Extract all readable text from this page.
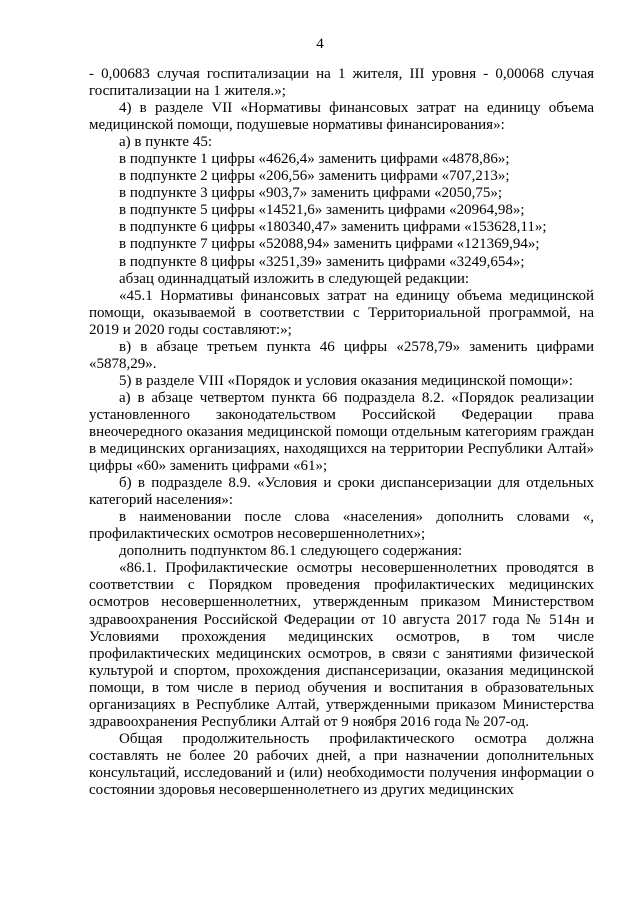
4

- 0,00683 случая госпитализации на 1 жителя, III уровня - 0,00068 случая госпитализации на 1 жителя.»;

4) в разделе VII «Нормативы финансовых затрат на единицу объема медицинской помощи, подушевые нормативы финансирования»:

а) в пункте 45:

в подпункте 1 цифры «4626,4» заменить цифрами «4878,86»;

в подпункте 2 цифры «206,56» заменить цифрами «707,213»;

в подпункте 3 цифры «903,7» заменить цифрами «2050,75»;

в подпункте 5 цифры «14521,6» заменить цифрами «20964,98»;

в подпункте 6 цифры «180340,47» заменить цифрами «153628,11»;

в подпункте 7 цифры «52088,94» заменить цифрами «121369,94»;

в подпункте 8 цифры «3251,39» заменить цифрами «3249,654»;

абзац одиннадцатый изложить в следующей редакции:

«45.1 Нормативы финансовых затрат на единицу объема медицинской помощи, оказываемой в соответствии с Территориальной программой, на 2019 и 2020 годы составляют:»;

в) в абзаце третьем пункта 46 цифры «2578,79» заменить цифрами «5878,29».

5) в разделе VIII «Порядок и условия оказания медицинской помощи»:

а) в абзаце четвертом пункта 66 подраздела 8.2. «Порядок реализации установленного законодательством Российской Федерации права внеочередного оказания медицинской помощи отдельным категориям граждан в медицинских организациях, находящихся на территории Республики Алтай» цифры «60» заменить цифрами «61»;

б) в подразделе 8.9. «Условия и сроки диспансеризации для отдельных категорий населения»:

в наименовании после слова «населения» дополнить словами «, профилактических осмотров несовершеннолетних»;

дополнить подпунктом 86.1 следующего содержания:

«86.1. Профилактические осмотры несовершеннолетних проводятся в соответствии с Порядком проведения профилактических медицинских осмотров несовершеннолетних, утвержденным приказом Министерством здравоохранения Российской Федерации от 10 августа 2017 года № 514н и Условиями прохождения медицинских осмотров, в том числе профилактических медицинских осмотров, в связи с занятиями физической культурой и спортом, прохождения диспансеризации, оказания медицинской помощи, в том числе в период обучения и воспитания в образовательных организациях в Республике Алтай, утвержденными приказом Министерства здравоохранения Республики Алтай от 9 ноября 2016 года № 207-од.

Общая продолжительность профилактического осмотра должна составлять не более 20 рабочих дней, а при назначении дополнительных консультаций, исследований и (или) необходимости получения информации о состоянии здоровья несовершеннолетнего из других медицинских
